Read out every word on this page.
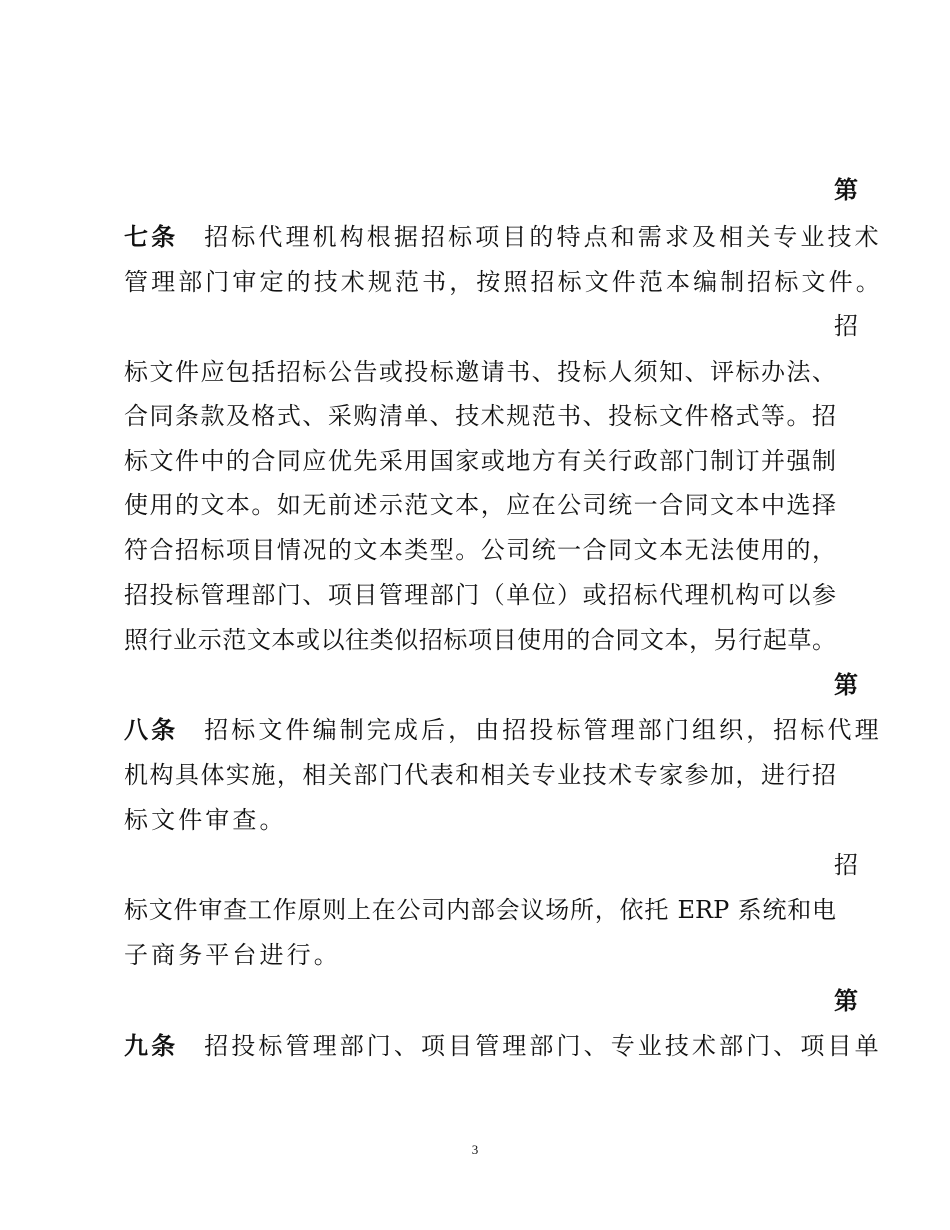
第
七条 招标代理机构根据招标项目的特点和需求及相关专业技术
管理部门审定的技术规范书，按照招标文件范本编制招标文件。
招
标文件应包括招标公告或投标邀请书、投标人须知、评标办法、
合同条款及格式、采购清单、技术规范书、投标文件格式等。招
标文件中的合同应优先采用国家或地方有关行政部门制订并强制
使用的文本。如无前述示范文本，应在公司统一合同文本中选择
符合招标项目情况的文本类型。公司统一合同文本无法使用的，
招投标管理部门、项目管理部门（单位）或招标代理机构可以参
照行业示范文本或以往类似招标项目使用的合同文本，另行起草。
第
八条 招标文件编制完成后，由招投标管理部门组织，招标代理
机构具体实施，相关部门代表和相关专业技术专家参加，进行招
标文件审查。
招
标文件审查工作原则上在公司内部会议场所，依托 ERP 系统和电
子商务平台进行。
第
九条 招投标管理部门、项目管理部门、专业技术部门、项目单
3
